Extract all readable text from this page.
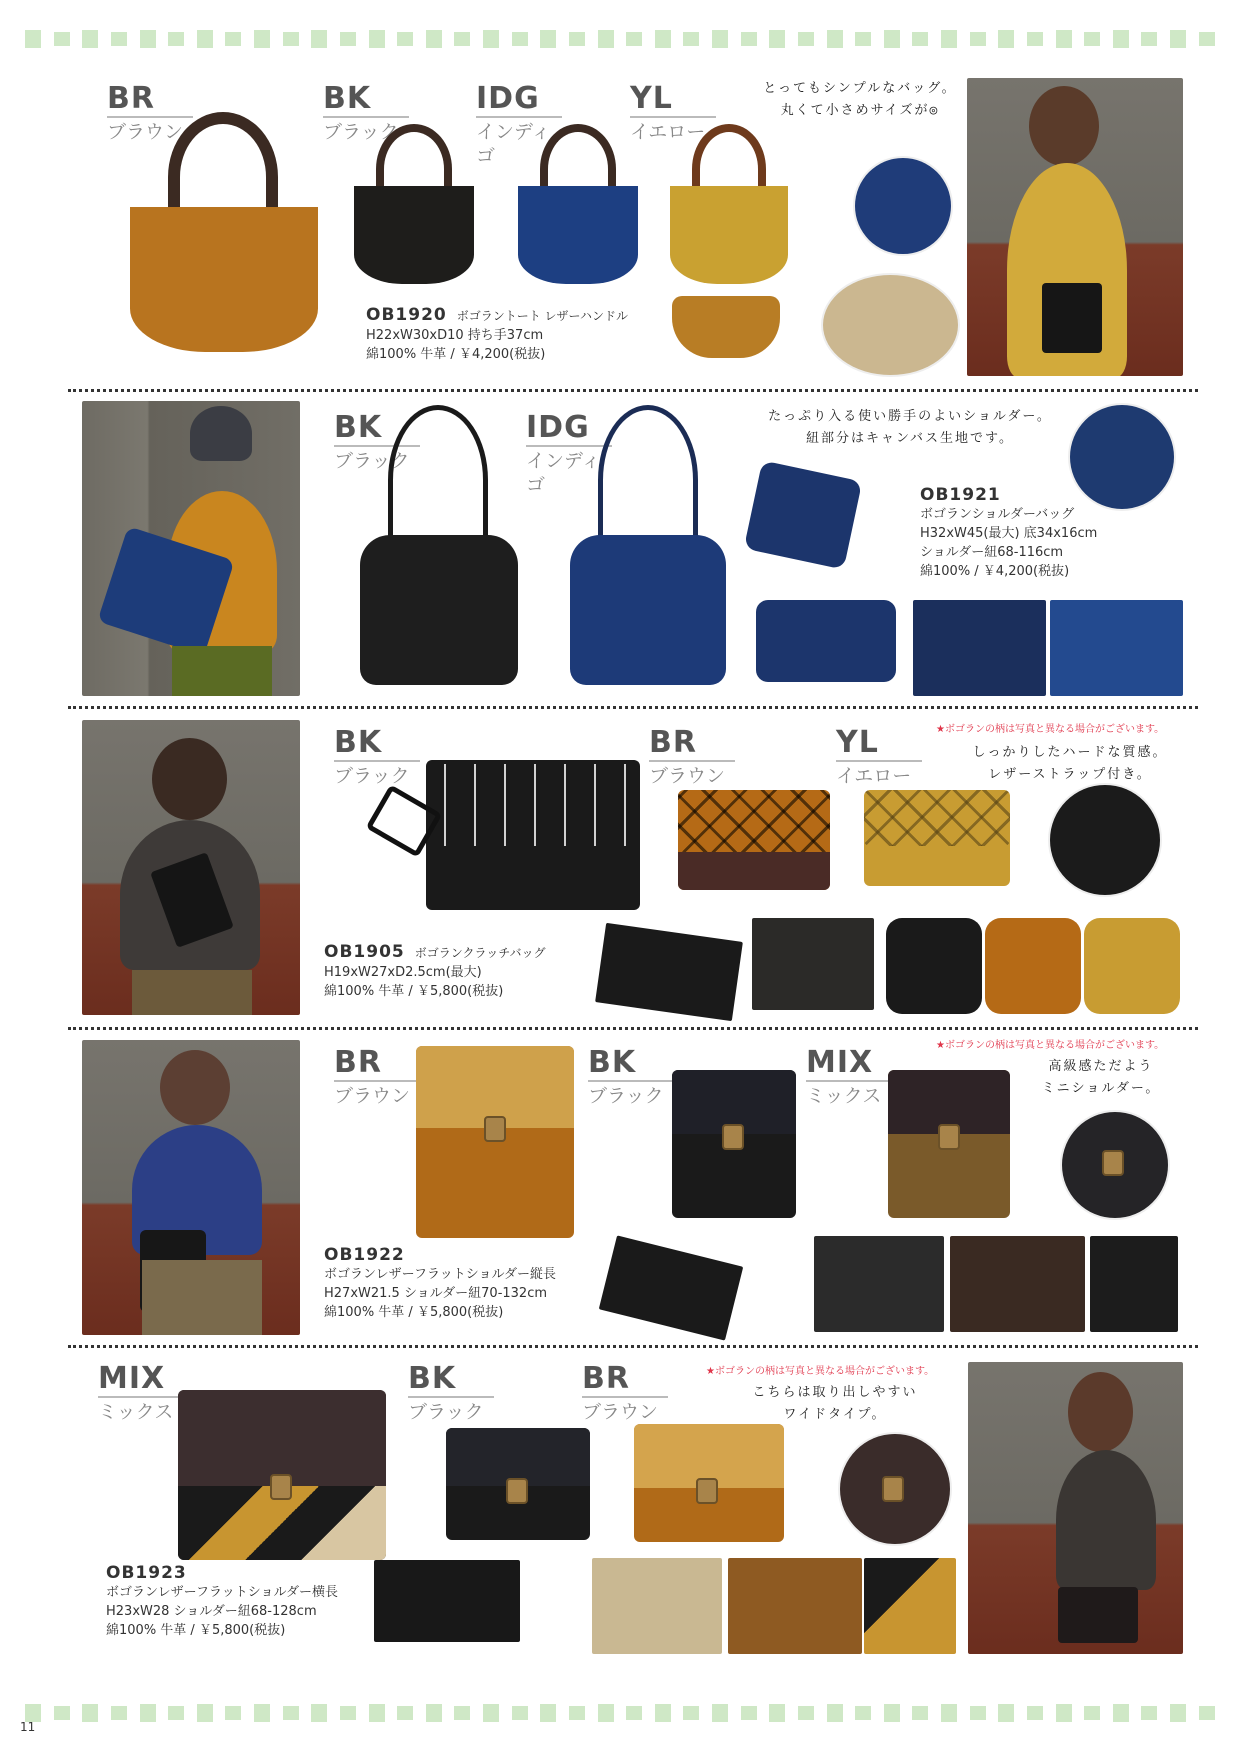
BR
ブラウン
BK
ブラック
IDG
インディゴ
YL
イエロー
OB1920 ボゴラントート レザーハンドル
H22xW30xD10 持ち手37cm
綿100% 牛革 / ￥4,200(税抜)
とってもシンプルなバッグ。
丸くて小さめサイズが◎
BK
ブラック
IDG
インディゴ
たっぷり入る使い勝手のよいショルダー。
紐部分はキャンバス生地です。
OB1921
ボゴランショルダーバッグ
H32xW45(最大) 底34x16cm
ショルダー紐68-116cm
綿100% / ￥4,200(税抜)
★ボゴランの柄は写真と異なる場合がございます。
BK
ブラック
BR
ブラウン
YL
イエロー
しっかりしたハードな質感。
レザーストラップ付き。
OB1905 ボゴランクラッチバッグ
H19xW27xD2.5cm(最大)
綿100% 牛革 / ￥5,800(税抜)
★ボゴランの柄は写真と異なる場合がございます。
BR
ブラウン
BK
ブラック
MIX
ミックス
高級感ただよう
ミニショルダー。
OB1922
ボゴランレザーフラットショルダー縦長
H27xW21.5 ショルダー紐70-132cm
綿100% 牛革 / ￥5,800(税抜)
★ボゴランの柄は写真と異なる場合がございます。
MIX
ミックス
BK
ブラック
BR
ブラウン
こちらは取り出しやすい
ワイドタイプ。
OB1923
ボゴランレザーフラットショルダー横長
H23xW28 ショルダー紐68-128cm
綿100% 牛革 / ￥5,800(税抜)
11
